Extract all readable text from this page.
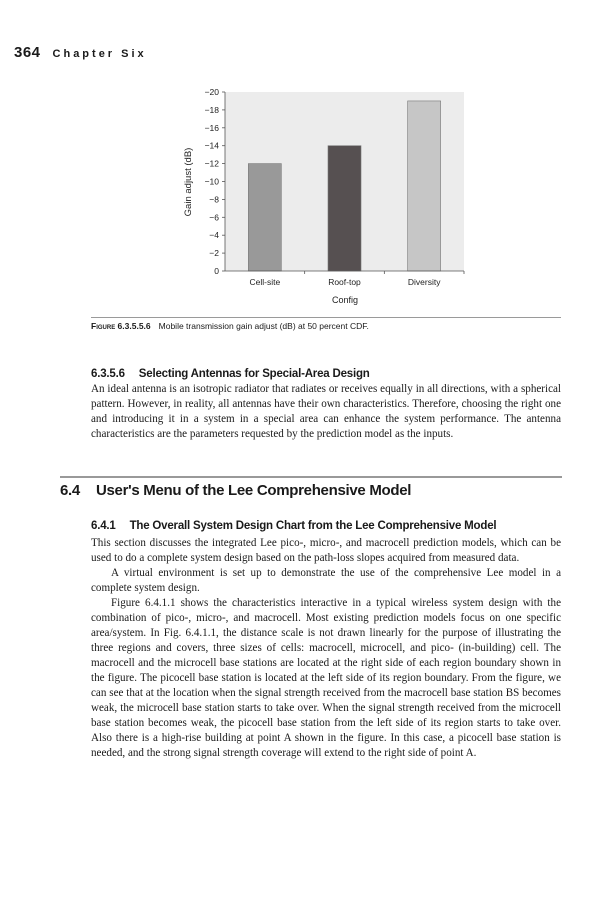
364 Chapter Six
0
−2
−4
−6
−8
−10
−12
−14
−16
−18
−20
Cell-site	Roof-top	Diversity
Gain adjust (dB)
Config
Figure 6.3.5.5.6 Mobile transmission gain adjust (dB) at 50 percent CDF.
6.3.5.6 Selecting Antennas for Special-Area Design

An ideal antenna is an isotropic radiator that radiates or receives equally in all directions, with a spherical pattern. However, in reality, all antennas have their own characteristics. Therefore, choosing the right one and introducing it in a system in a special area can enhance the system performance. The antenna characteristics are the parameters requested by the prediction model as the inputs.

6.4 User's Menu of the Lee Comprehensive Model
6.4.1 The Overall System Design Chart from the Lee Comprehensive Model

This section discusses the integrated Lee pico-, micro-, and macrocell prediction models, which can be used to do a complete system design based on the path-loss slopes acquired from measured data.

A virtual environment is set up to demonstrate the use of the comprehensive Lee model in a complete system design.

Figure 6.4.1.1 shows the characteristics interactive in a typical wireless system design with the combination of pico-, micro-, and macrocell. Most existing prediction models focus on one specific area/system. In Fig. 6.4.1.1, the distance scale is not drawn linearly for the purpose of illustrating the three regions and covers, three sizes of cells: macrocell, microcell, and pico- (in-building) cell. The macrocell and the microcell base stations are located at the right side of each region boundary shown in the figure. The picocell base station is located at the left side of its region boundary. From the figure, we can see that at the location when the signal strength received from the macrocell base station BS becomes weak, the microcell base station starts to take over. When the signal strength received from the microcell base station becomes weak, the picocell base station from the left side of its region starts to take over. Also there is a high-rise building at point A shown in the figure. In this case, a picocell base station is needed, and the strong signal strength coverage will extend to the right side of point A.
